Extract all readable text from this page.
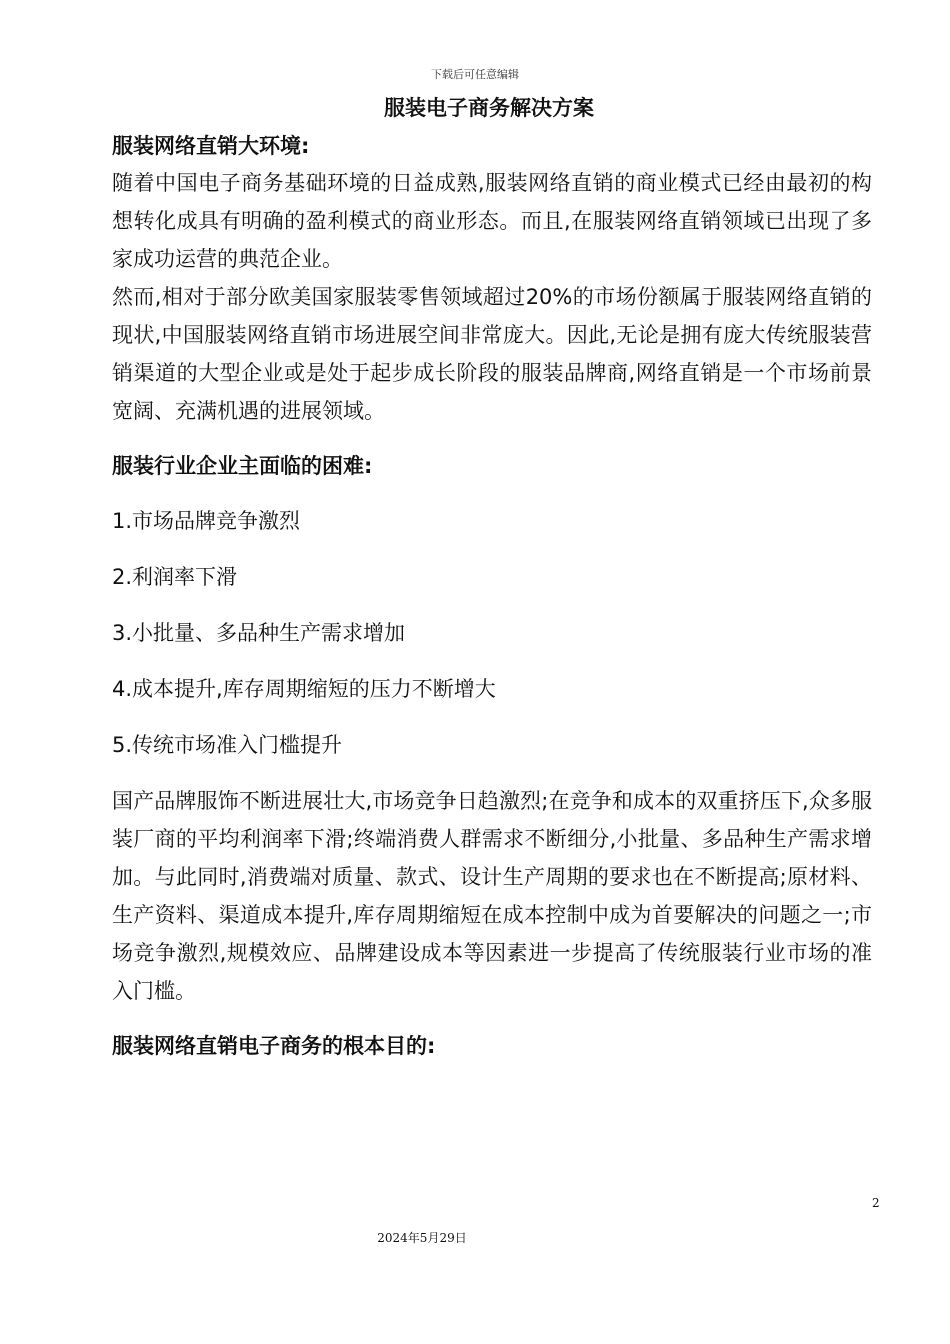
下载后可任意编辑
服装电子商务解决方案
服装网络直销大环境:

随着中国电子商务基础环境的日益成熟,服装网络直销的商业模式已经由最初的构想转化成具有明确的盈利模式的商业形态。而且,在服装网络直销领域已出现了多家成功运营的典范企业。

然而,相对于部分欧美国家服装零售领域超过20%的市场份额属于服装网络直销的现状,中国服装网络直销市场进展空间非常庞大。因此,无论是拥有庞大传统服装营销渠道的大型企业或是处于起步成长阶段的服装品牌商,网络直销是一个市场前景宽阔、充满机遇的进展领域。

服装行业企业主面临的困难:

1.市场品牌竞争激烈

2.利润率下滑

3.小批量、多品种生产需求增加

4.成本提升,库存周期缩短的压力不断增大

5.传统市场准入门槛提升

国产品牌服饰不断进展壮大,市场竞争日趋激烈;在竞争和成本的双重挤压下,众多服装厂商的平均利润率下滑;终端消费人群需求不断细分,小批量、多品种生产需求增加。与此同时,消费端对质量、款式、设计生产周期的要求也在不断提高;原材料、生产资料、渠道成本提升,库存周期缩短在成本控制中成为首要解决的问题之一;市场竞争激烈,规模效应、品牌建设成本等因素进一步提高了传统服装行业市场的准入门槛。

服装网络直销电子商务的根本目的:
2
2024年5月29日
